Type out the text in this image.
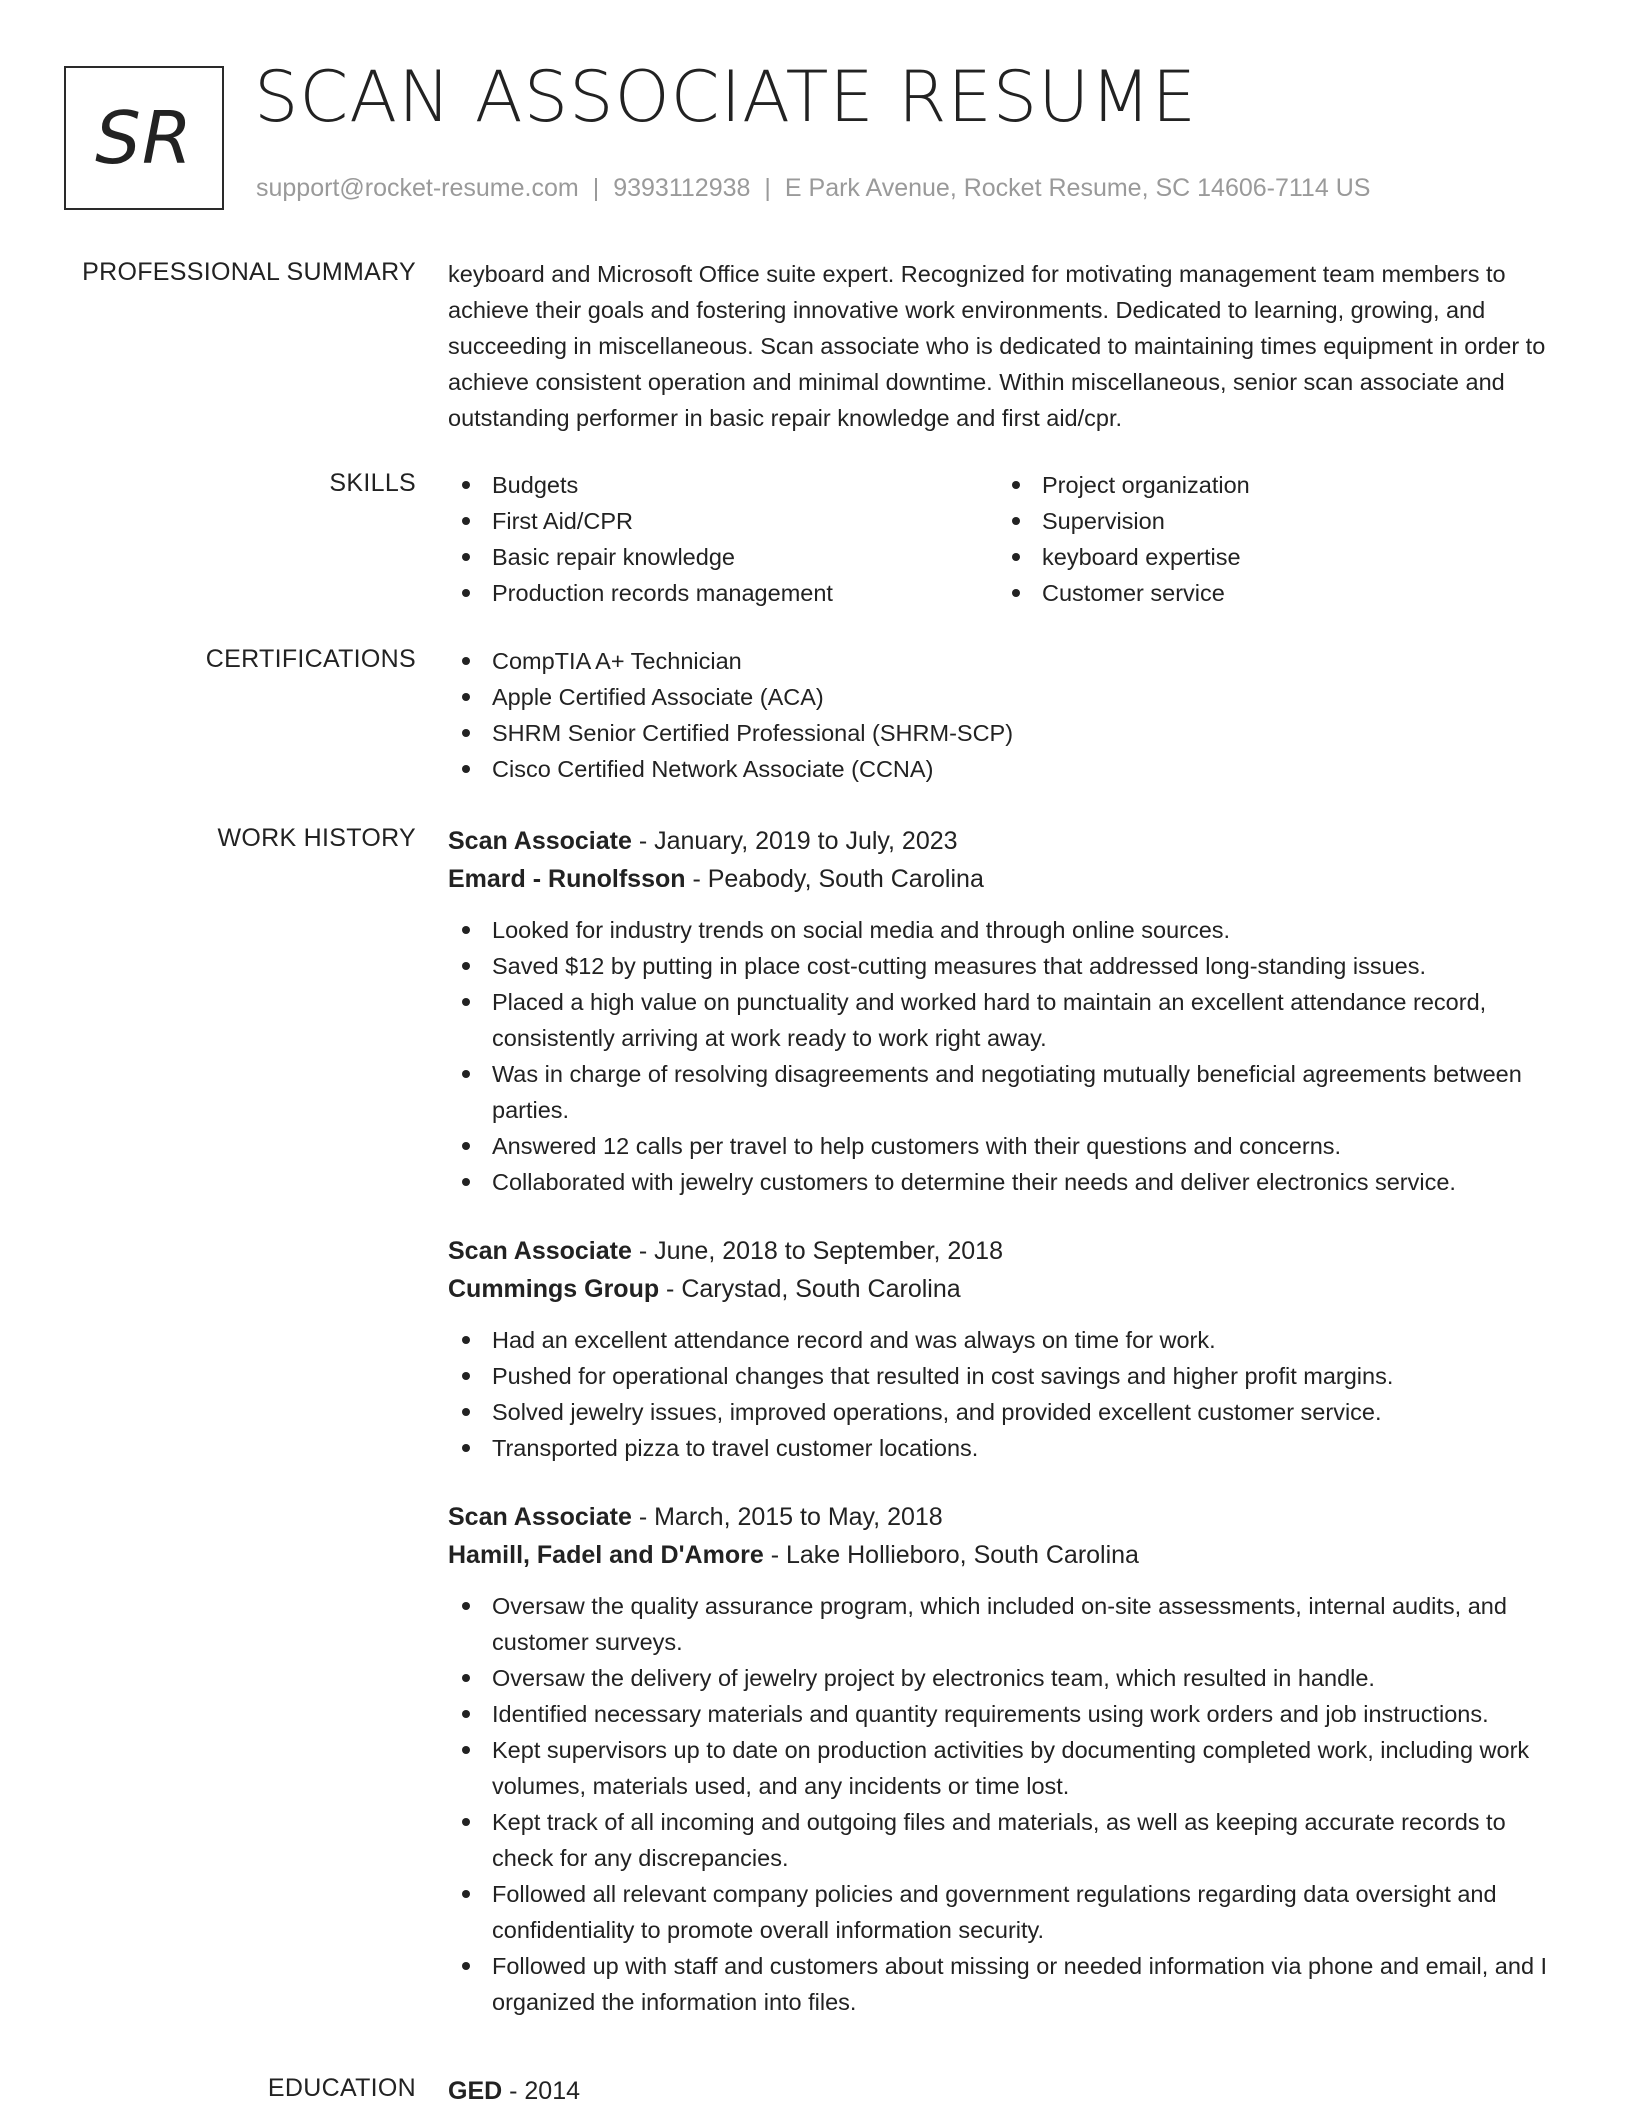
SR SCAN ASSOCIATE RESUME
support@rocket-resume.com | 9393112938 | E Park Avenue, Rocket Resume, SC 14606-7114 US
PROFESSIONAL SUMMARY keyboard and Microsoft Office suite expert. Recognized for motivating management team members to achieve their goals and fostering innovative work environments. Dedicated to learning, growing, and succeeding in miscellaneous. Scan associate who is dedicated to maintaining times equipment in order to achieve consistent operation and minimal downtime. Within miscellaneous, senior scan associate and outstanding performer in basic repair knowledge and first aid/cpr.
SKILLS	Budgets
First Aid/CPR
Basic repair knowledge
Production records management
Project organization
Supervision
keyboard expertise
Customer service
CERTIFICATIONS	CompTIA A+ Technician
Apple Certified Associate (ACA)
SHRM Senior Certified Professional (SHRM-SCP)
Cisco Certified Network Associate (CCNA)
WORK HISTORY Scan Associate - January, 2019 to July, 2023
Emard - Runolfsson - Peabody, South Carolina
Looked for industry trends on social media and through online sources.
Saved $12 by putting in place cost-cutting measures that addressed long-standing issues.
Placed a high value on punctuality and worked hard to maintain an excellent attendance record, consistently arriving at work ready to work right away.
Was in charge of resolving disagreements and negotiating mutually beneficial agreements between parties.
Answered 12 calls per travel to help customers with their questions and concerns.
Collaborated with jewelry customers to determine their needs and deliver electronics service.
Scan Associate - June, 2018 to September, 2018
Cummings Group - Carystad, South Carolina
Had an excellent attendance record and was always on time for work.
Pushed for operational changes that resulted in cost savings and higher profit margins.
Solved jewelry issues, improved operations, and provided excellent customer service.
Transported pizza to travel customer locations.
Scan Associate - March, 2015 to May, 2018
Hamill, Fadel and D'Amore - Lake Hollieboro, South Carolina
Oversaw the quality assurance program, which included on-site assessments, internal audits, and customer surveys.
Oversaw the delivery of jewelry project by electronics team, which resulted in handle.
Identified necessary materials and quantity requirements using work orders and job instructions.
Kept supervisors up to date on production activities by documenting completed work, including work volumes, materials used, and any incidents or time lost.
Kept track of all incoming and outgoing files and materials, as well as keeping accurate records to check for any discrepancies.
Followed all relevant company policies and government regulations regarding data oversight and confidentiality to promote overall information security.
Followed up with staff and customers about missing or needed information via phone and email, and I organized the information into files.
EDUCATION GED - 2014
